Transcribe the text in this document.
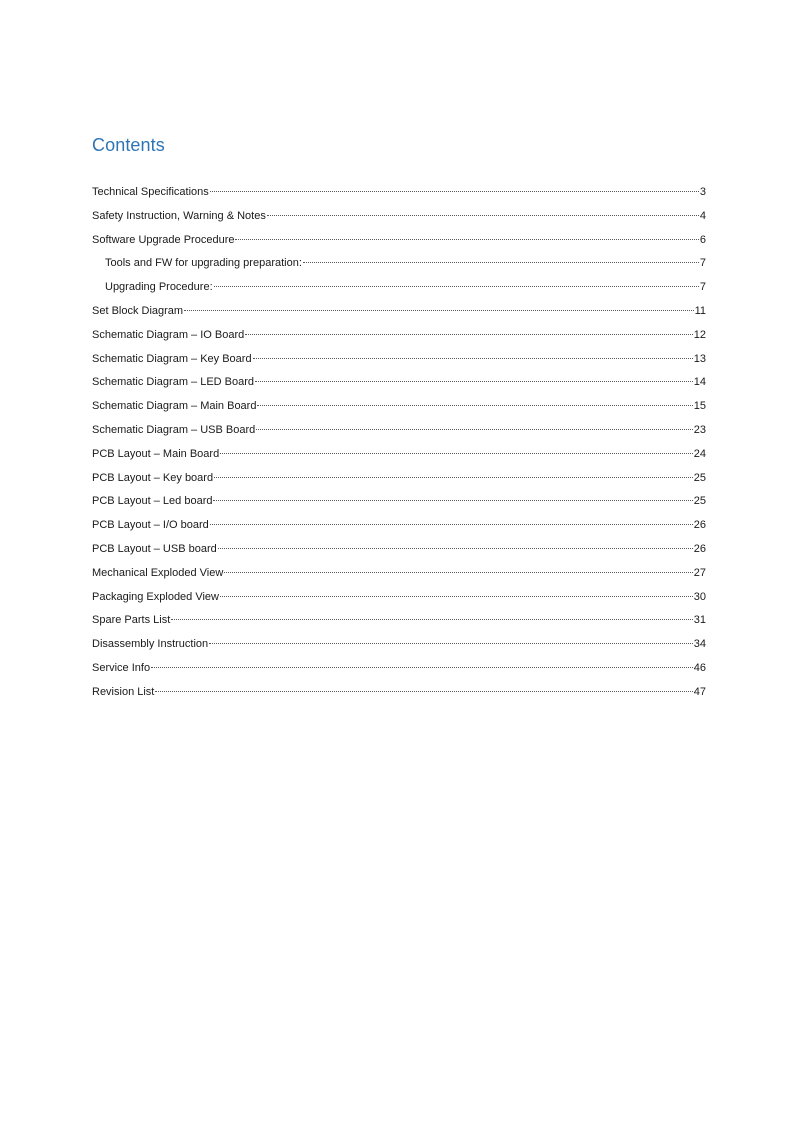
Contents
Technical Specifications	3
Safety Instruction, Warning & Notes	4
Software Upgrade Procedure	6
Tools and FW for upgrading preparation:	7
Upgrading Procedure:	7
Set Block Diagram	11
Schematic Diagram – IO Board	12
Schematic Diagram – Key Board	13
Schematic Diagram – LED Board	14
Schematic Diagram – Main Board	15
Schematic Diagram – USB Board	23
PCB Layout – Main Board	24
PCB Layout – Key board	25
PCB Layout – Led board	25
PCB Layout – I/O board	26
PCB Layout – USB board	26
Mechanical Exploded View	27
Packaging Exploded View	30
Spare Parts List	31
Disassembly Instruction	34
Service Info	46
Revision List	47
